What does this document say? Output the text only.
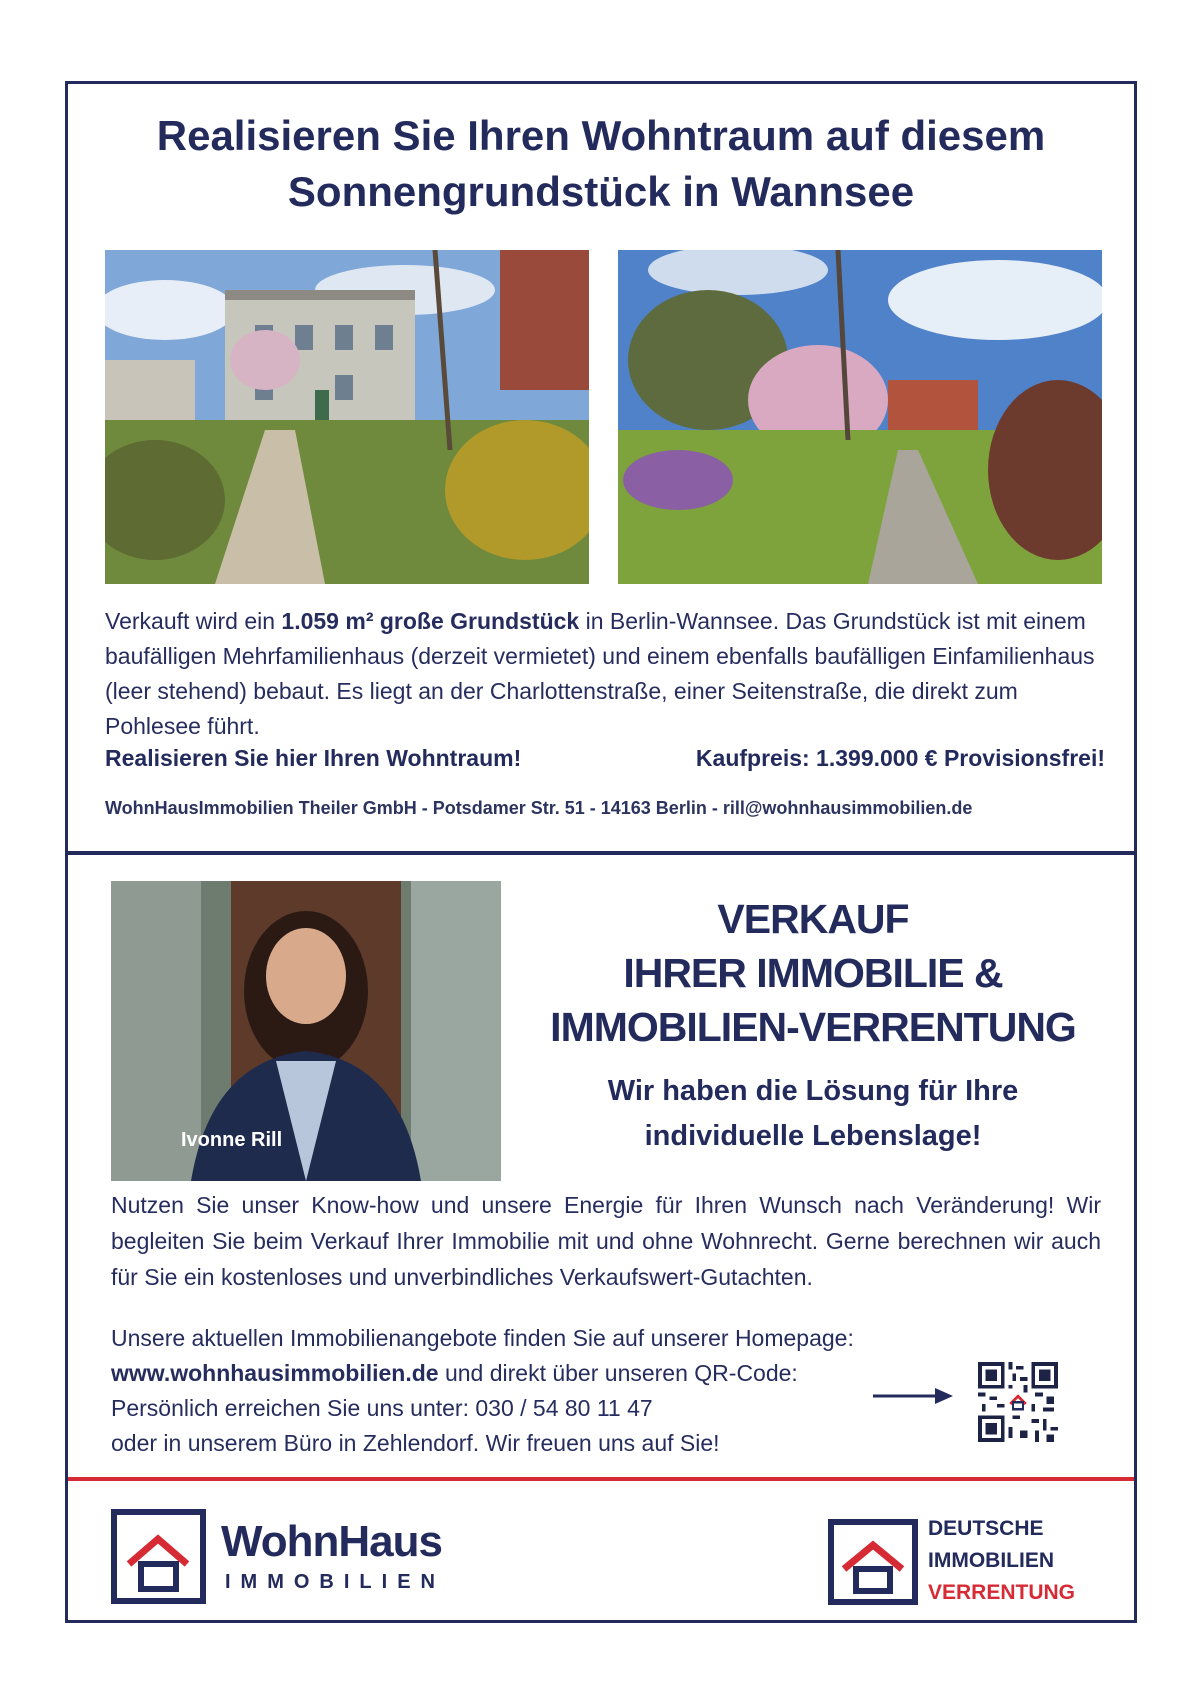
Realisieren Sie Ihren Wohntraum auf diesem
Sonnengrundstück in Wannsee
Verkauft wird ein 1.059 m² große Grundstück in Berlin-Wannsee. Das Grundstück ist mit einem baufälligen Mehrfamilienhaus (derzeit vermietet) und einem ebenfalls baufälligen Einfamilienhaus (leer stehend) bebaut. Es liegt an der Charlottenstraße, einer Seitenstraße, die direkt zum Pohlesee führt.
Realisieren Sie hier Ihren Wohntraum!	Kaufpreis: 1.399.000 € Provisionsfrei!
WohnHausImmobilien Theiler GmbH - Potsdamer Str. 51 - 14163 Berlin - rill@wohnhausimmobilien.de
Ivonne Rill
VERKAUF
IHRER IMMOBILIE &
IMMOBILIEN-VERRENTUNG
Wir haben die Lösung für Ihre
individuelle Lebenslage!
Nutzen Sie unser Know-how und unsere Energie für Ihren Wunsch nach Veränderung! Wir begleiten Sie beim Verkauf Ihrer Immobilie mit und ohne Wohnrecht. Gerne berechnen wir auch für Sie ein kostenloses und unverbindliches Verkaufswert-Gutachten.
Unsere aktuellen Immobilienangebote finden Sie auf unserer Homepage:
www.wohnhausimmobilien.de und direkt über unseren QR-Code:
Persönlich erreichen Sie uns unter: 030 / 54 80 11 47
oder in unserem Büro in Zehlendorf. Wir freuen uns auf Sie!
WohnHaus
IMMOBILIEN
DEUTSCHE
IMMOBILIEN
VERRENTUNG
